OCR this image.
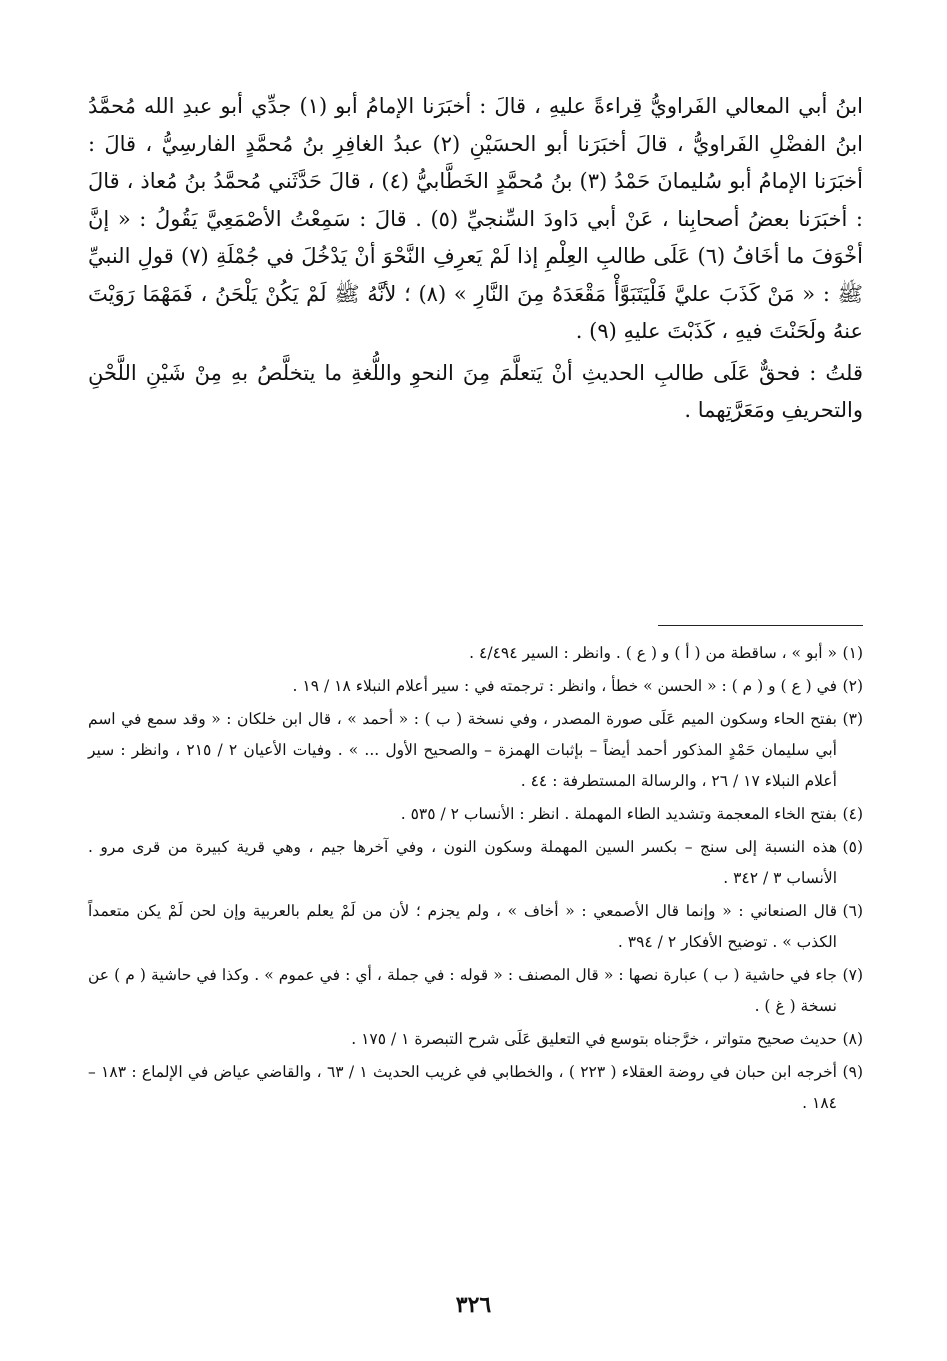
ابنُ أبي المعالي الفَراويُّ قِراءةً عليهِ ، قالَ : أخبَرَنا الإمامُ أبو (١) جدِّي أبو عبدِ الله مُحمَّدُ ابنُ الفضْلِ الفَراويُّ ، قالَ أخبَرَنا أبو الحسَيْنِ (٢) عبدُ الغافِرِ بنُ مُحمَّدٍ الفارسِيُّ ، قالَ : أخبَرَنا الإمامُ أبو سُليمانَ حَمْدُ (٣) بنُ مُحمَّدٍ الخَطَّابيُّ (٤) ، قالَ حَدَّثَني مُحمَّدُ بنُ مُعاذ ، قالَ : أخبَرَنا بعضُ أصحابِنا ، عَنْ أبي دَاودَ السِّنجيِّ (٥) . قالَ : سَمِعْتُ الأصْمَعِيَّ يَقُولُ : « إنَّ أخْوَفَ ما أخَافُ (٦) عَلَى طالبِ العِلْمِ إذا لَمْ يَعرِفِ النَّحْوَ أنْ يَدْخُلَ في جُمْلَةِ (٧) قولِ النبيِّ ﷺ : « مَنْ كَذَبَ عليَّ فَلْيَتَبَوَّأْ مَقْعَدَهُ مِنَ النَّارِ » (٨) ؛ لأنَّهُ ﷺ لَمْ يَكُنْ يَلْحَنُ ، فَمَهْمَا رَوَيْتَ عنهُ ولَحَنْتَ فيهِ ، كَذَبْتَ عليهِ (٩) .

قلتُ : فحقٌّ عَلَى طالبِ الحديثِ أنْ يَتعلَّمَ مِنَ النحوِ واللُّغةِ ما يتخلَّصُ بهِ مِنْ شَيْنِ اللَّحْنِ والتحريفِ ومَعَرَّتِهما .

(١)
« أبو » ، ساقطة من ( أ ) و ( ع ) . وانظر : السير ٤/٤٩٤ .
(٢)
في ( ع ) و ( م ) : « الحسن » خطأ ، وانظر : ترجمته في : سير أعلام النبلاء ١٨ / ١٩ .
(٣)
بفتح الحاء وسكون الميم عَلَى صورة المصدر ، وفي نسخة ( ب ) : « أحمد » ، قال ابن خلكان : « وقد سمع في اسم أبي سليمان حَمْدٍ المذكور أحمد أيضاً – بإثبات الهمزة – والصحيح الأول ... » . وفيات الأعيان ٢ / ٢١٥ ، وانظر : سير أعلام النبلاء ١٧ / ٢٦ ، والرسالة المستطرفة : ٤٤ .
(٤)
بفتح الخاء المعجمة وتشديد الطاء المهملة . انظر : الأنساب ٢ / ٥٣٥ .
(٥)
هذه النسبة إلى سنج – بكسر السين المهملة وسكون النون ، وفي آخرها جيم ، وهي قرية كبيرة من قرى مرو . الأنساب ٣ / ٣٤٢ .
(٦)
قال الصنعاني : « وإنما قال الأصمعي : « أخاف » ، ولم يجزم ؛ لأن من لَمْ يعلم بالعربية وإن لحن لَمْ يكن متعمداً الكذب » . توضيح الأفكار ٢ / ٣٩٤ .
(٧)
جاء في حاشية ( ب ) عبارة نصها : « قال المصنف : « قوله : في جملة ، أي : في عموم » . وكذا في حاشية ( م ) عن نسخة ( غ ) .
(٨)
حديث صحيح متواتر ، خرَّجناه بتوسع في التعليق عَلَى شرح التبصرة ١ / ١٧٥ .
(٩)
أخرجه ابن حبان في روضة العقلاء ( ٢٢٣ ) ، والخطابي في غريب الحديث ١ / ٦٣ ، والقاضي عياض في الإلماع : ١٨٣ – ١٨٤ .
٣٢٦
